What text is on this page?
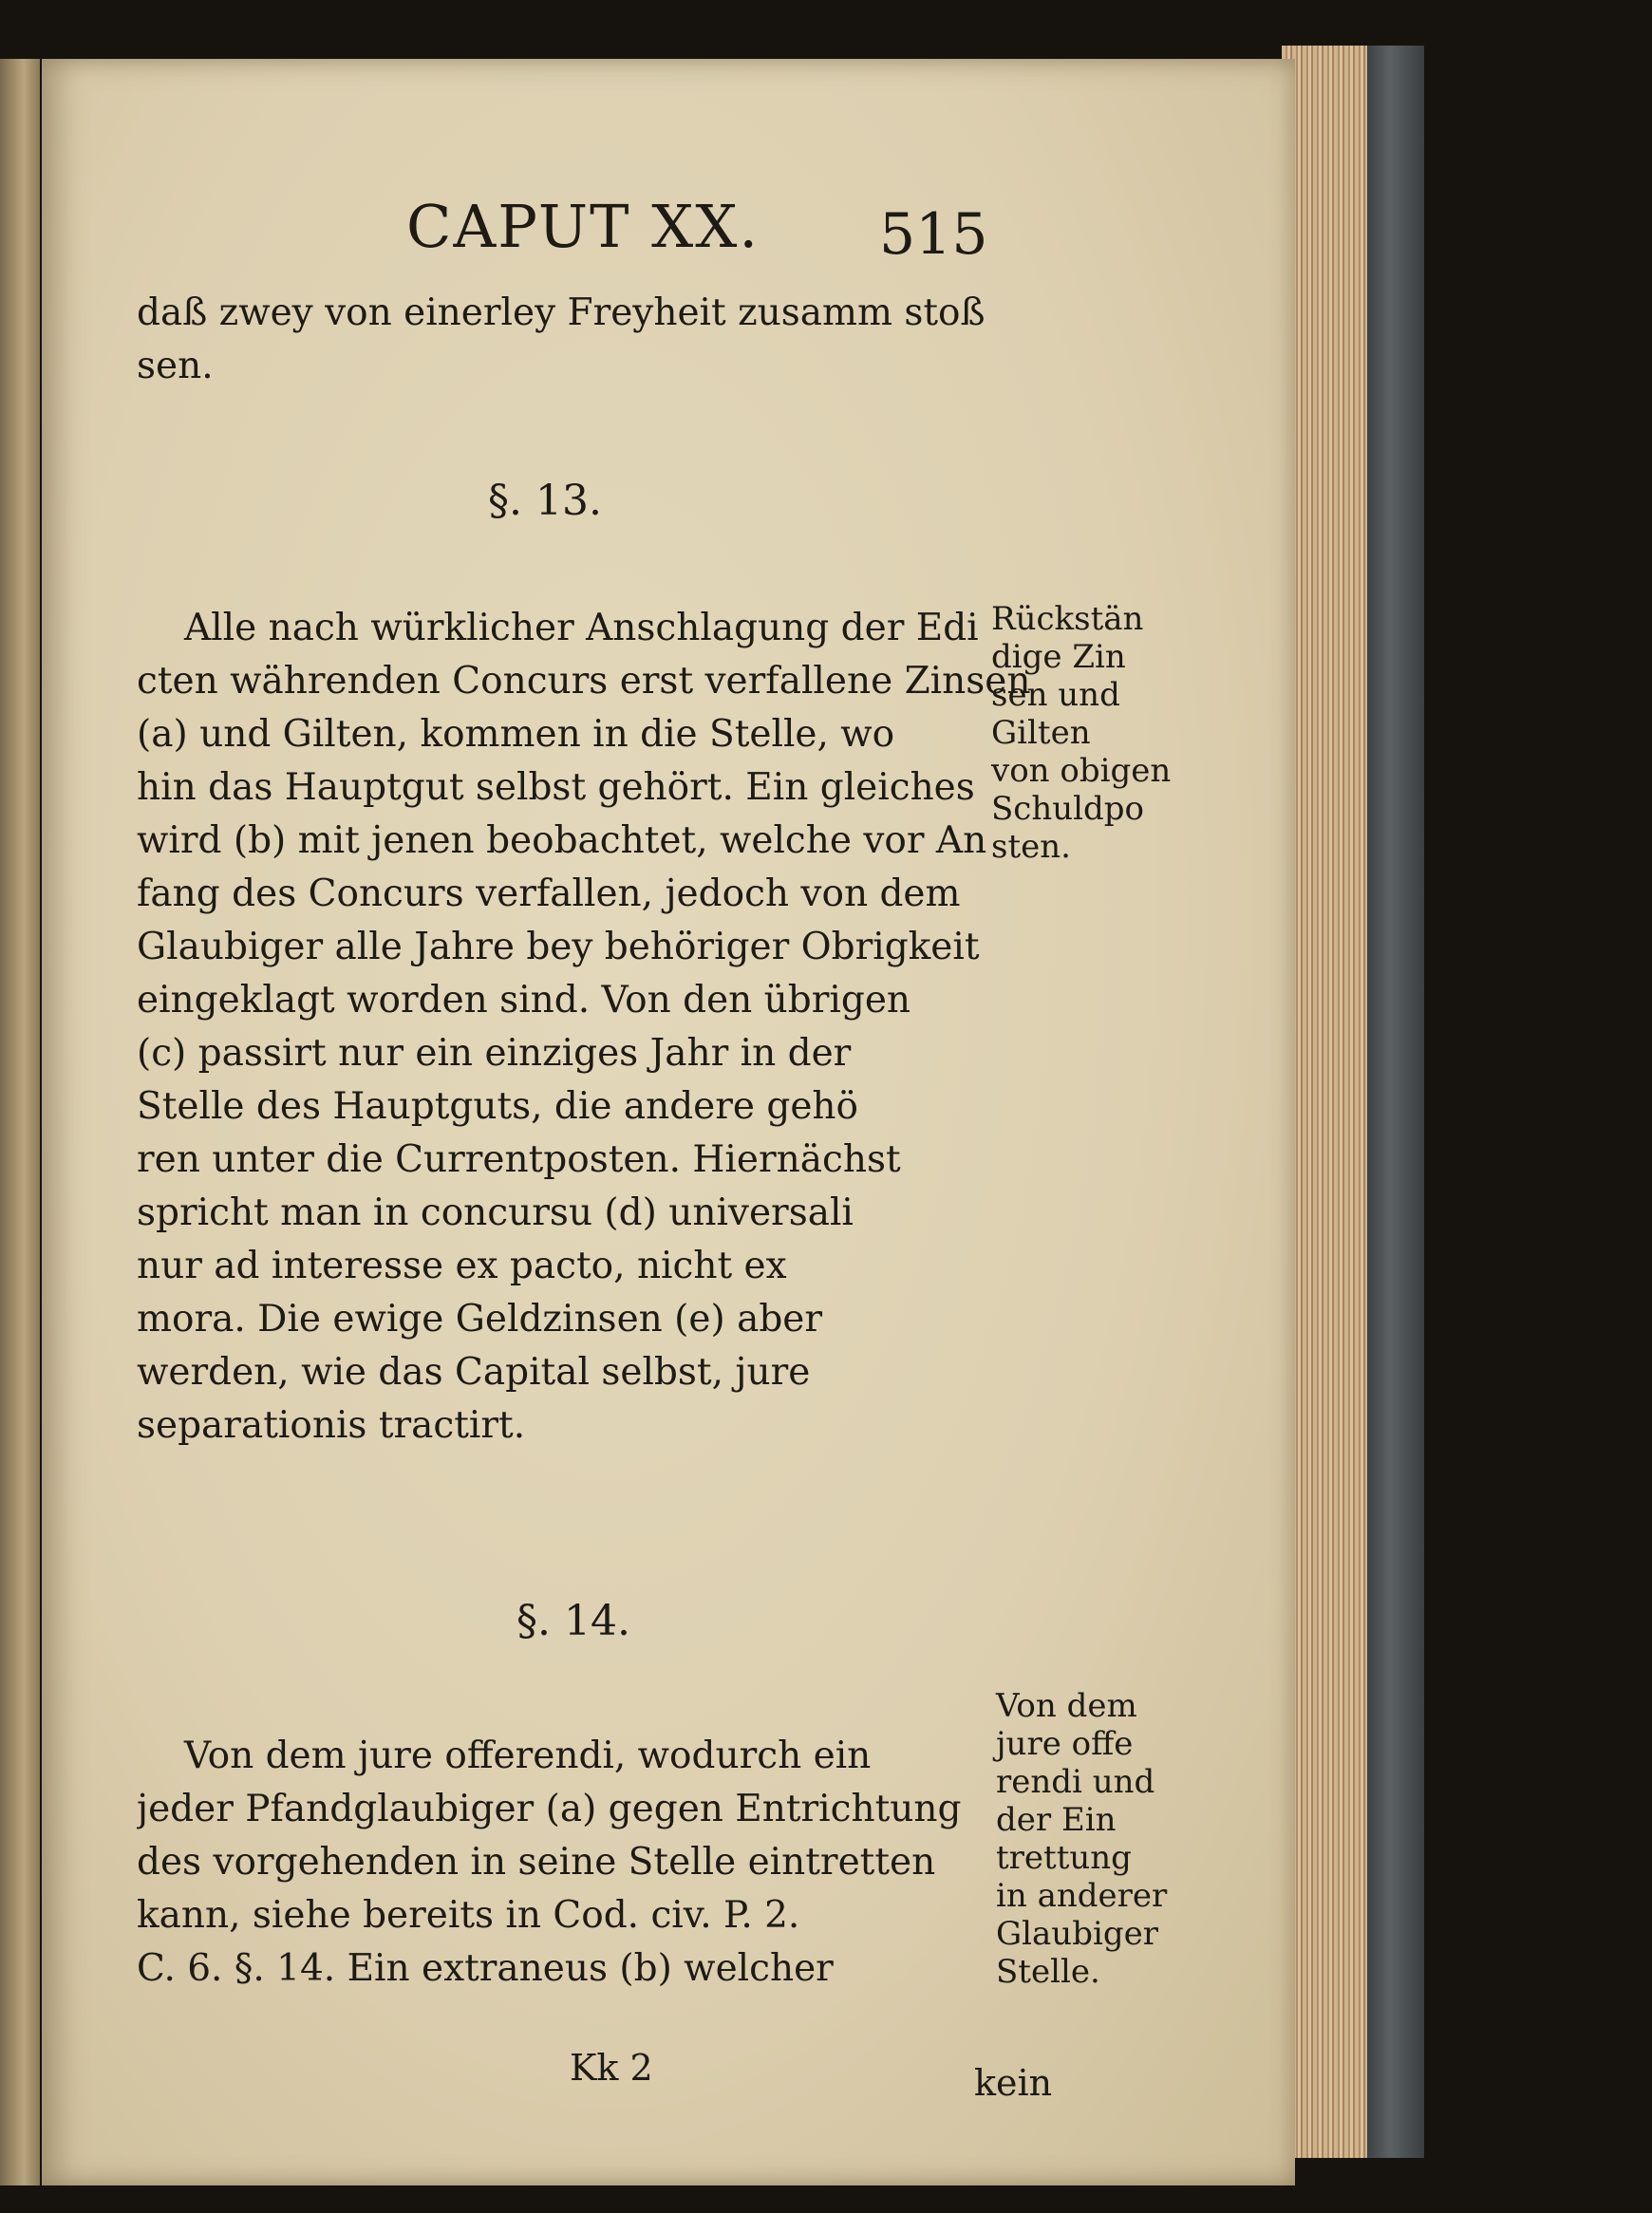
CAPUT XX. 515
daß zwey von einerley Freyheit zusamm stoß
sen.
§. 13.
Alle nach würklicher Anschlagung der Edi
cten währenden Concurs erst verfallene Zinsen
(a) und Gilten, kommen in die Stelle, wo
hin das Hauptgut selbst gehört. Ein gleiches
wird (b) mit jenen beobachtet, welche vor An
fang des Concurs verfallen, jedoch von dem
Glaubiger alle Jahre bey behöriger Obrigkeit
eingeklagt worden sind. Von den übrigen
(c) passirt nur ein einziges Jahr in der
Stelle des Hauptguts, die andere gehö
ren unter die Currentposten. Hiernächst
spricht man in concursu (d) universali
nur ad interesse ex pacto, nicht ex
mora. Die ewige Geldzinsen (e) aber
werden, wie das Capital selbst, jure
separationis tractirt.
Rückstän
dige Zin
sen und
Gilten
von obigen
Schuldpo
sten.
§. 14.
Von dem jure offerendi, wodurch ein
jeder Pfandglaubiger (a) gegen Entrichtung
des vorgehenden in seine Stelle eintretten
kann, siehe bereits in Cod. civ. P. 2.
C. 6. §. 14. Ein extraneus (b) welcher
Von dem
jure offe
rendi und
der Ein
trettung
in anderer
Glaubiger
Stelle.
Kk 2	kein
